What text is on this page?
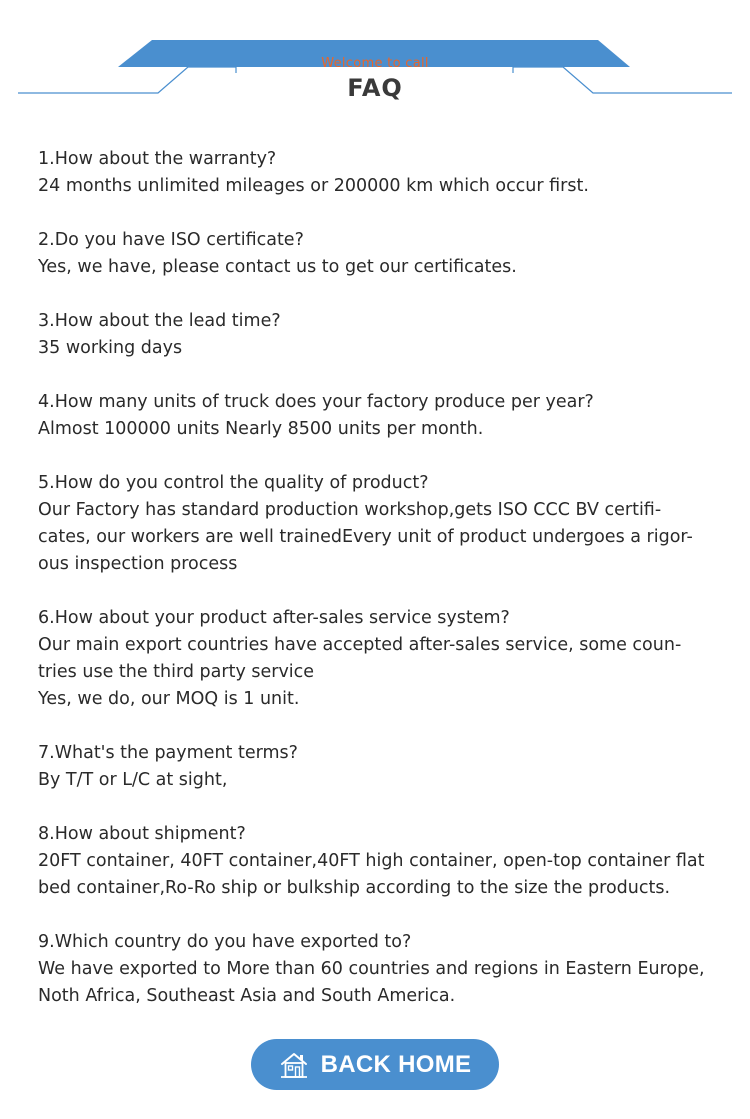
Welcome to call
FAQ

1.How about the warranty?

24 months unlimited mileages or 200000 km which occur first.

2.Do you have ISO certificate?

Yes, we have, please contact us to get our certificates.

3.How about the lead time?

35 working days

4.How many units of truck does your factory produce per year?

Almost 100000 units Nearly 8500 units per month.

5.How do you control the quality of product?

Our Factory has standard production workshop,gets ISO CCC BV certifi-

cates, our workers are well trainedEvery unit of product undergoes a rigor-

ous inspection process

6.How about your product after-sales service system?

Our main export countries have accepted after-sales service, some coun-

tries use the third party service

Yes, we do, our MOQ is 1 unit.

7.What's the payment terms?

By T/T or L/C at sight,

8.How about shipment?

20FT container, 40FT container,40FT high container, open-top container flat

bed container,Ro-Ro ship or bulkship according to the size the products.

9.Which country do you have exported to?

We have exported to More than 60 countries and regions in Eastern Europe,

Noth Africa, Southeast Asia and South America.

BACK HOME
